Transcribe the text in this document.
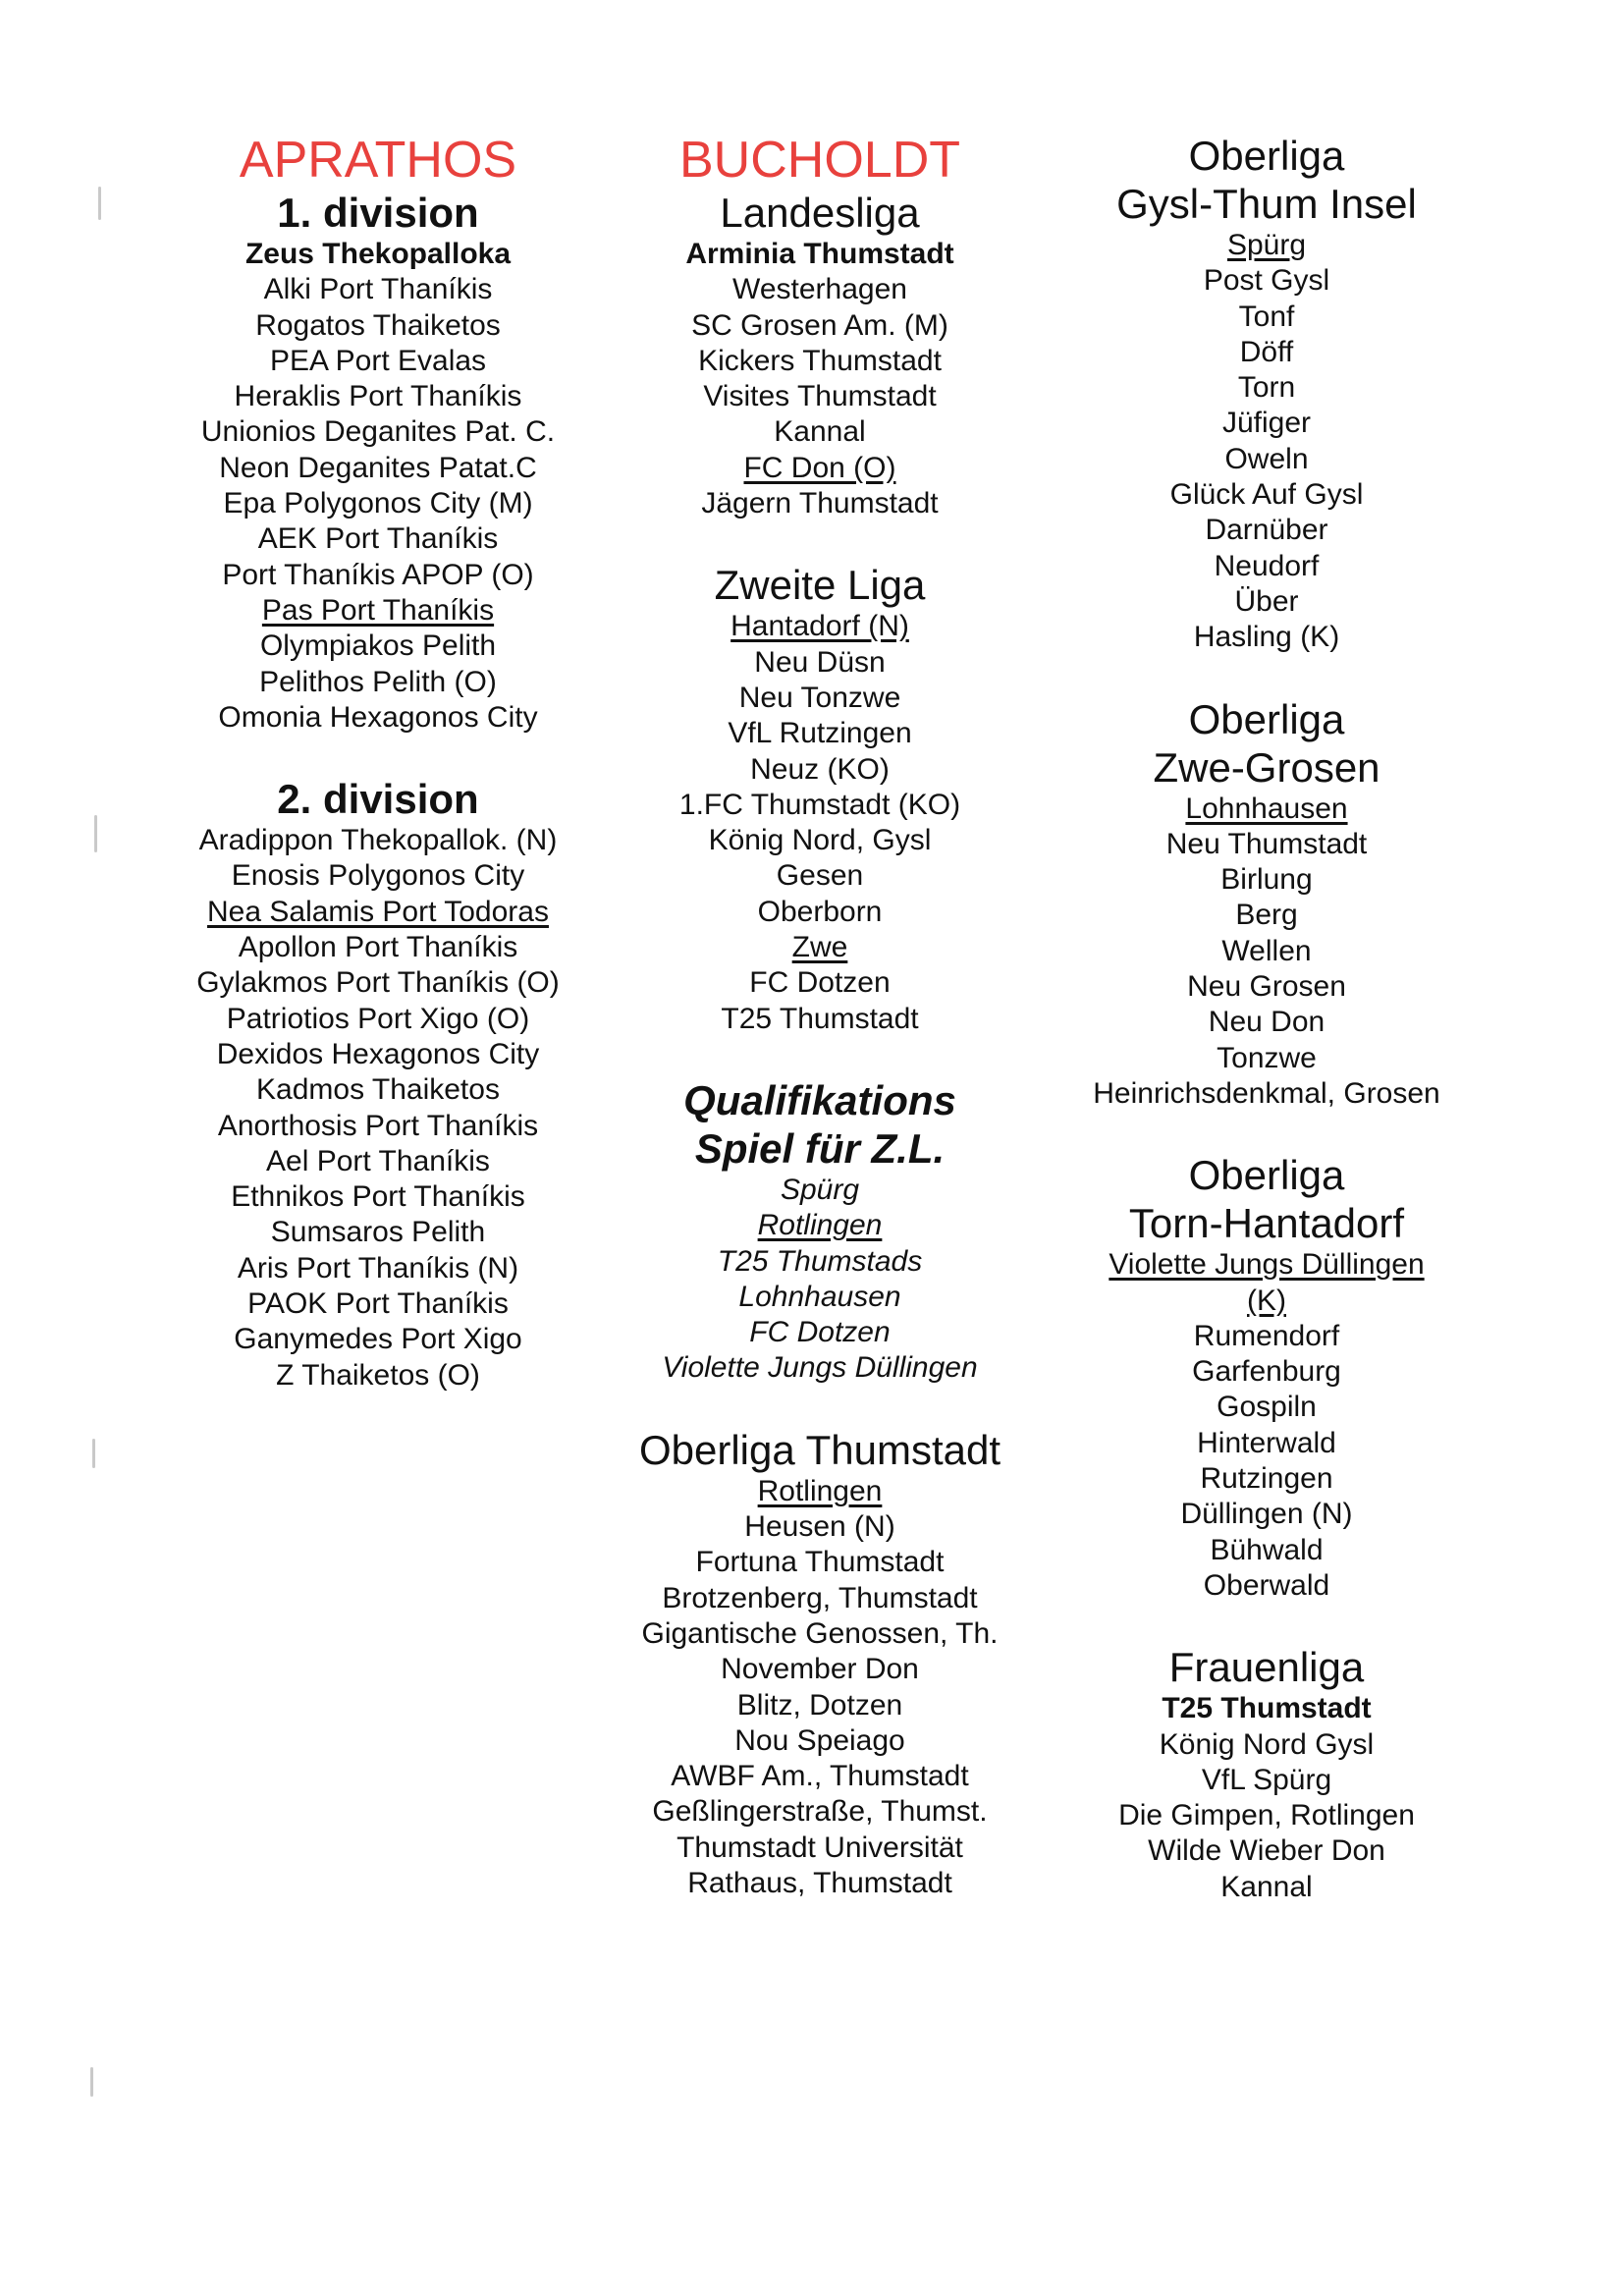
APRATHOS
1. division
Zeus Thekopalloka
Alki Port Thaníkis
Rogatos Thaiketos
PEA Port Evalas
Heraklis Port Thaníkis
Unionios Deganites Pat. C.
Neon Deganites Patat.C
Epa Polygonos City (M)
AEK Port Thaníkis
Port Thaníkis APOP (O)
Pas Port Thaníkis
Olympiakos Pelith
Pelithos Pelith (O)
Omonia Hexagonos City
2. division
Aradippon Thekopallok. (N)
Enosis Polygonos City
Nea Salamis Port Todoras
Apollon Port Thaníkis
Gylakmos Port Thaníkis (O)
Patriotios Port Xigo (O)
Dexidos Hexagonos City
Kadmos Thaiketos
Anorthosis Port Thaníkis
Ael Port Thaníkis
Ethnikos Port Thaníkis
Sumsaros Pelith
Aris Port Thaníkis (N)
PAOK Port Thaníkis
Ganymedes Port Xigo
Z Thaiketos (O)
BUCHOLDT
Landesliga
Arminia Thumstadt
Westerhagen
SC Grosen Am. (M)
Kickers Thumstadt
Visites Thumstadt
Kannal
FC Don (O)
Jägern Thumstadt
Zweite Liga
Hantadorf (N)
Neu Düsn
Neu Tonzwe
VfL Rutzingen
Neuz (KO)
1.FC Thumstadt (KO)
König Nord, Gysl
Gesen
Oberborn
Zwe
FC Dotzen
T25 Thumstadt
Qualifikations
Spiel für Z.L.
Spürg
Rotlingen
T25 Thumstads
Lohnhausen
FC Dotzen
Violette Jungs Düllingen
Oberliga Thumstadt
Rotlingen
Heusen (N)
Fortuna Thumstadt
Brotzenberg, Thumstadt
Gigantische Genossen, Th.
November Don
Blitz, Dotzen
Nou Speiago
AWBF Am., Thumstadt
Geßlingerstraße, Thumst.
Thumstadt Universität
Rathaus, Thumstadt
Oberliga
Gysl-Thum Insel
Spürg
Post Gysl
Tonf
Döff
Torn
Jüfiger
Oweln
Glück Auf Gysl
Darnüber
Neudorf
Über
Hasling (K)
Oberliga
Zwe-Grosen
Lohnhausen
Neu Thumstadt
Birlung
Berg
Wellen
Neu Grosen
Neu Don
Tonzwe
Heinrichsdenkmal, Grosen
Oberliga
Torn-Hantadorf
Violette Jungs Düllingen
(K)
Rumendorf
Garfenburg
Gospiln
Hinterwald
Rutzingen
Düllingen (N)
Bühwald
Oberwald
Frauenliga
T25 Thumstadt
König Nord Gysl
VfL Spürg
Die Gimpen, Rotlingen
Wilde Wieber Don
Kannal
